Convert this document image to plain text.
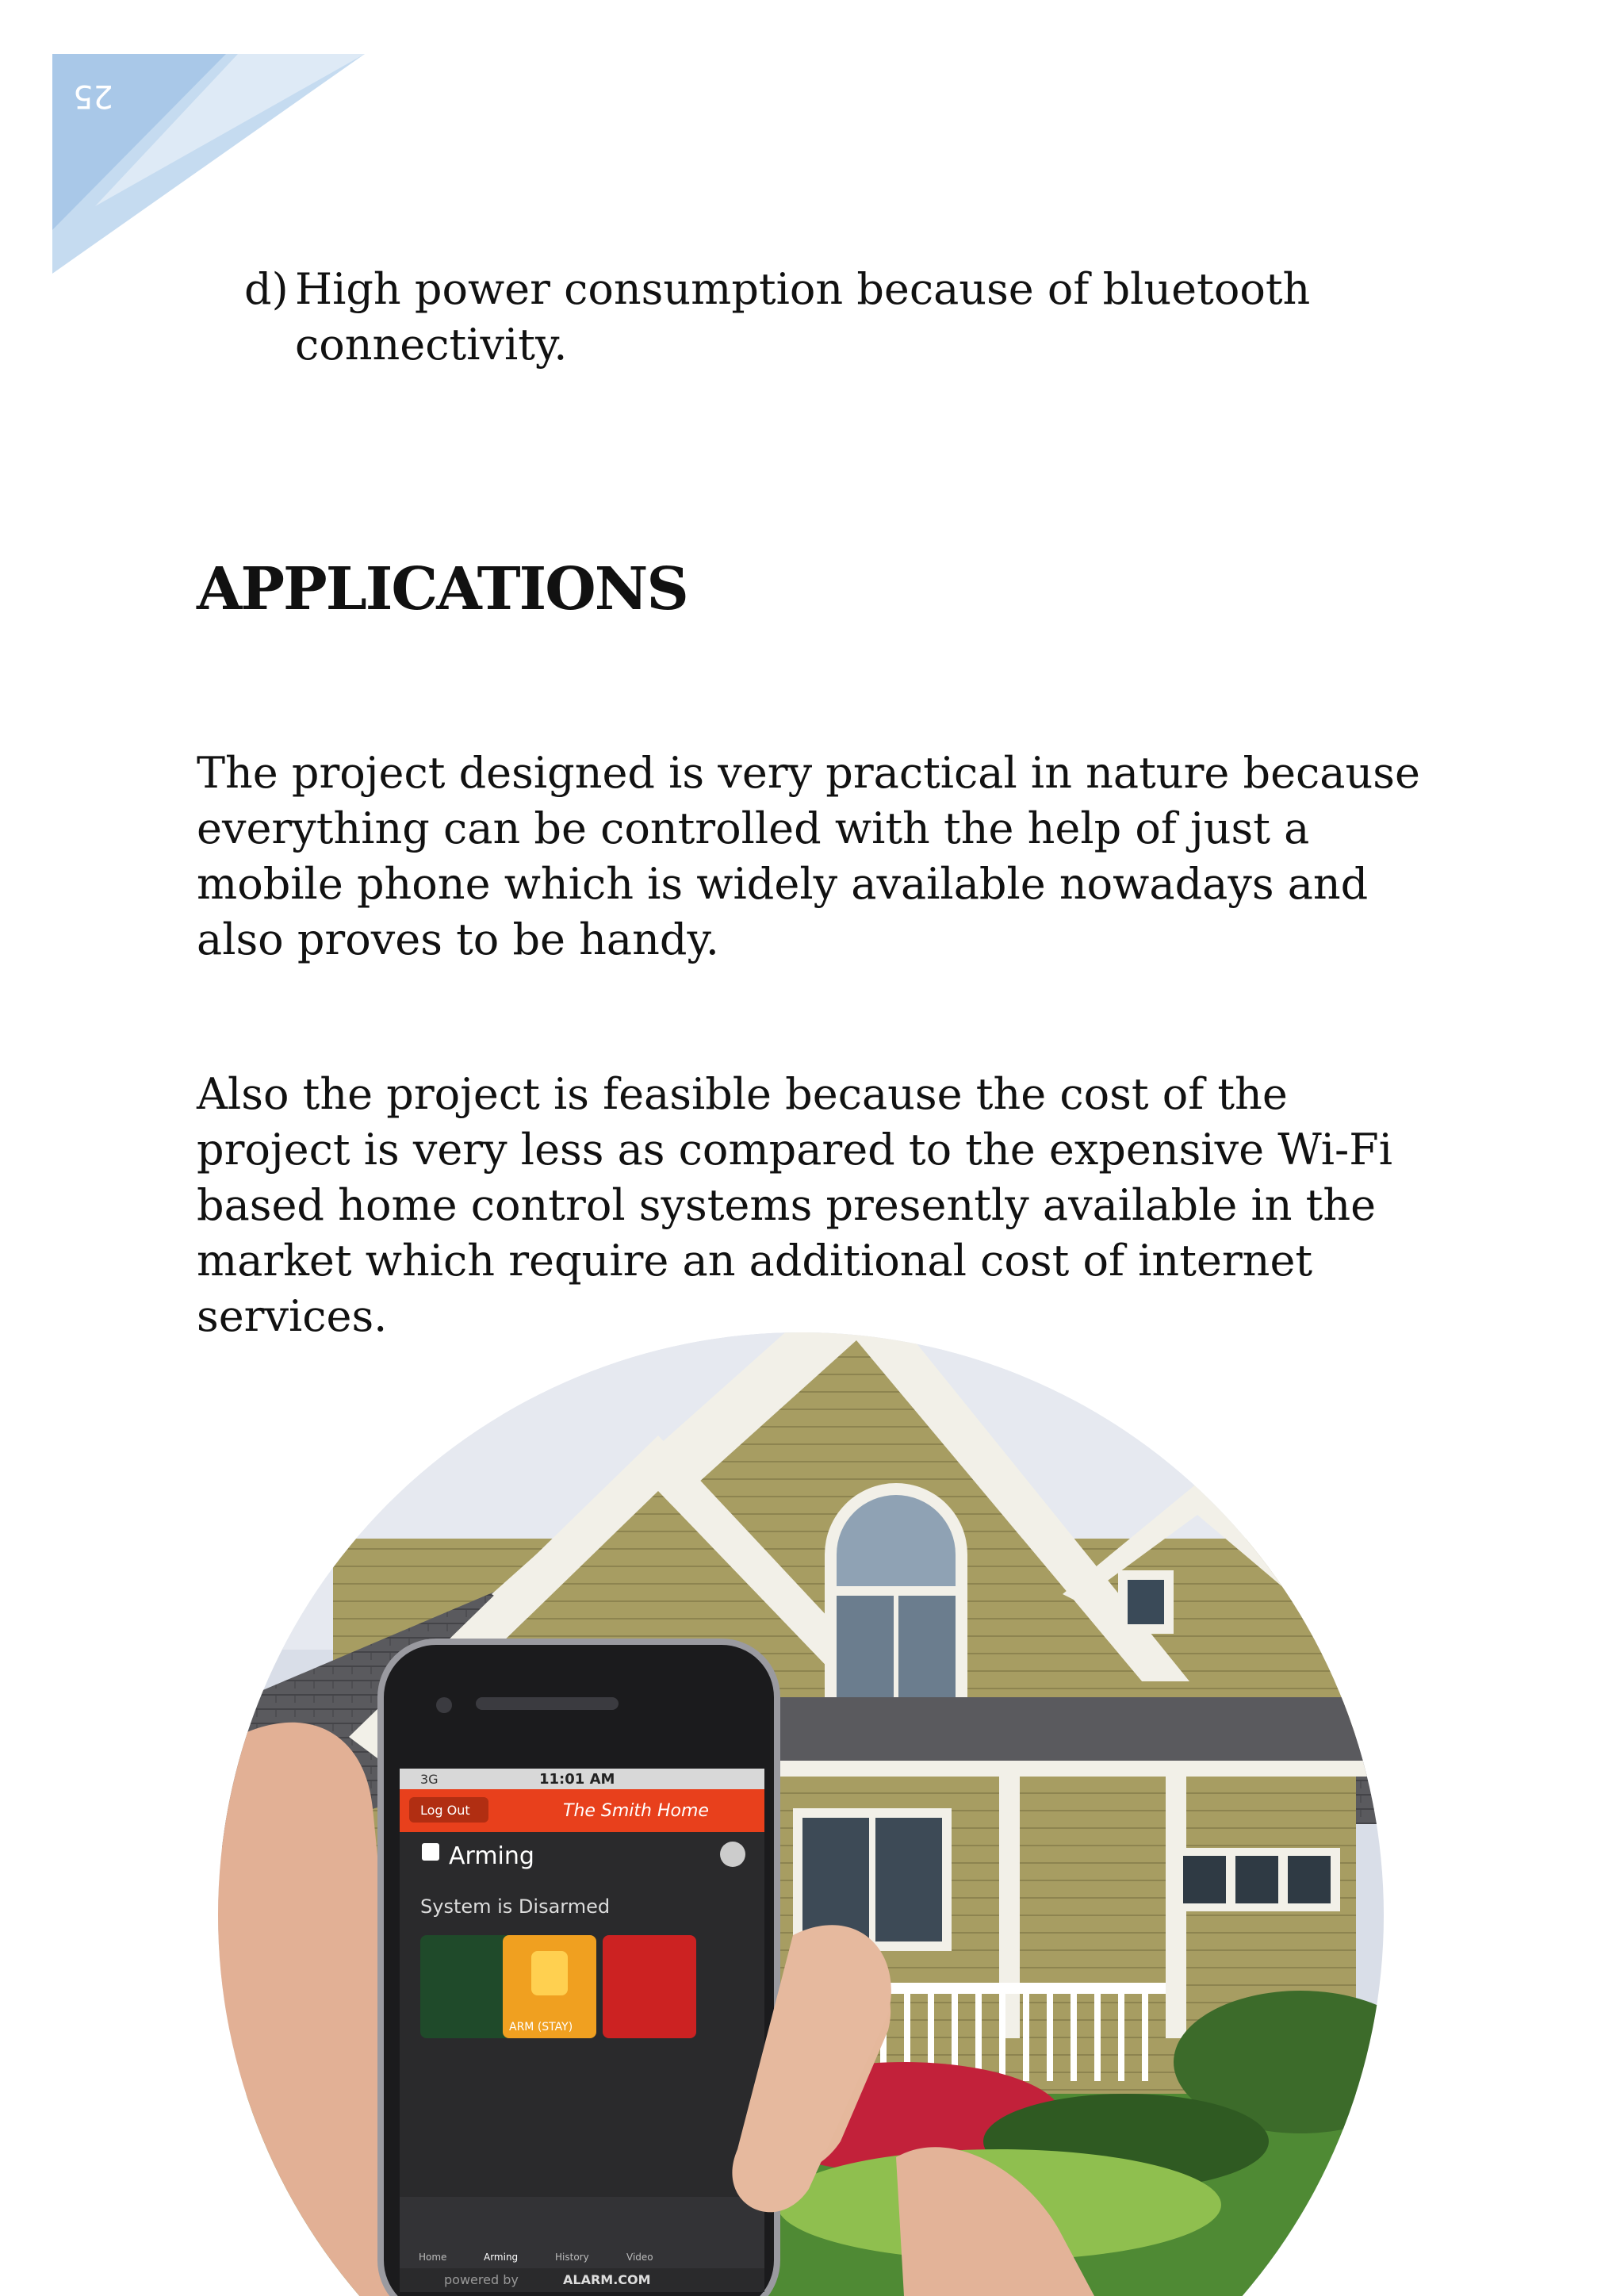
25
d) High power consumption because of bluetooth connectivity.
APPLICATIONS

The project designed is very practical in nature because everything can be controlled with the help of just a mobile phone which is widely available nowadays and also proves to be handy.

Also the project is feasible because the cost of the project is very less as compared to the expensive Wi-Fi based home control systems presently available in the market which require an additional cost of internet services.

3G	11:01 AM
Log Out	The Smith Home
Arming
System is Disarmed
ARM (STAY)
Home	Arming	History	Video
powered by	ALARM.COM
